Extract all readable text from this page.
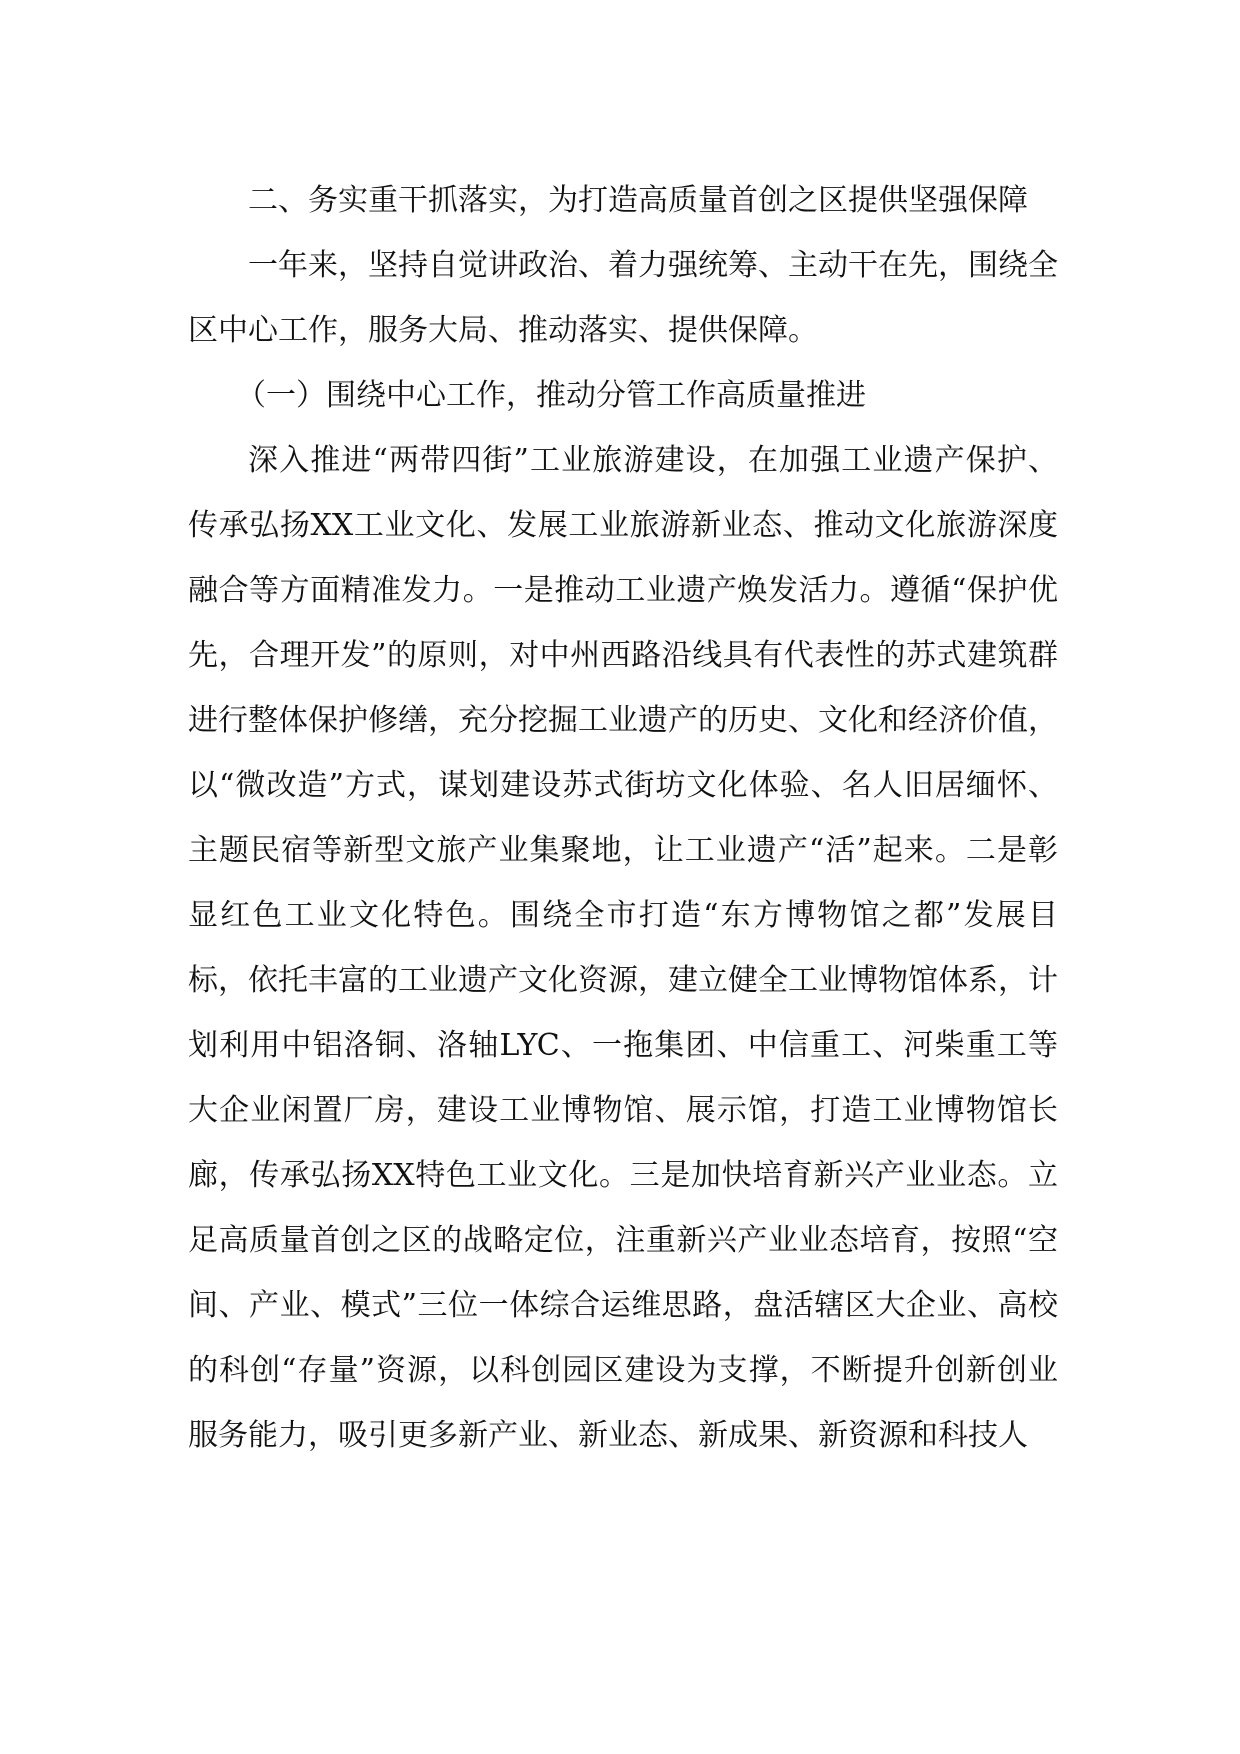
二、务实重干抓落实，为打造高质量首创之区提供坚强保障

一年来，坚持自觉讲政治、着力强统筹、主动干在先，围绕全区中心工作，服务大局、推动落实、提供保障。

（一）围绕中心工作，推动分管工作高质量推进

深入推进“两带四街”工业旅游建设，在加强工业遗产保护、传承弘扬XX工业文化、发展工业旅游新业态、推动文化旅游深度融合等方面精准发力。一是推动工业遗产焕发活力。遵循“保护优先，合理开发”的原则，对中州西路沿线具有代表性的苏式建筑群进行整体保护修缮，充分挖掘工业遗产的历史、文化和经济价值，以“微改造”方式，谋划建设苏式街坊文化体验、名人旧居缅怀、主题民宿等新型文旅产业集聚地，让工业遗产“活”起来。二是彰显红色工业文化特色。围绕全市打造“东方博物馆之都”发展目标，依托丰富的工业遗产文化资源，建立健全工业博物馆体系，计划利用中铝洛铜、洛轴LYC、一拖集团、中信重工、河柴重工等大企业闲置厂房，建设工业博物馆、展示馆，打造工业博物馆长廊，传承弘扬XX特色工业文化。三是加快培育新兴产业业态。立足高质量首创之区的战略定位，注重新兴产业业态培育，按照“空间、产业、模式”三位一体综合运维思路，盘活辖区大企业、高校的科创“存量”资源，以科创园区建设为支撑，不断提升创新创业服务能力，吸引更多新产业、新业态、新成果、新资源和科技人
